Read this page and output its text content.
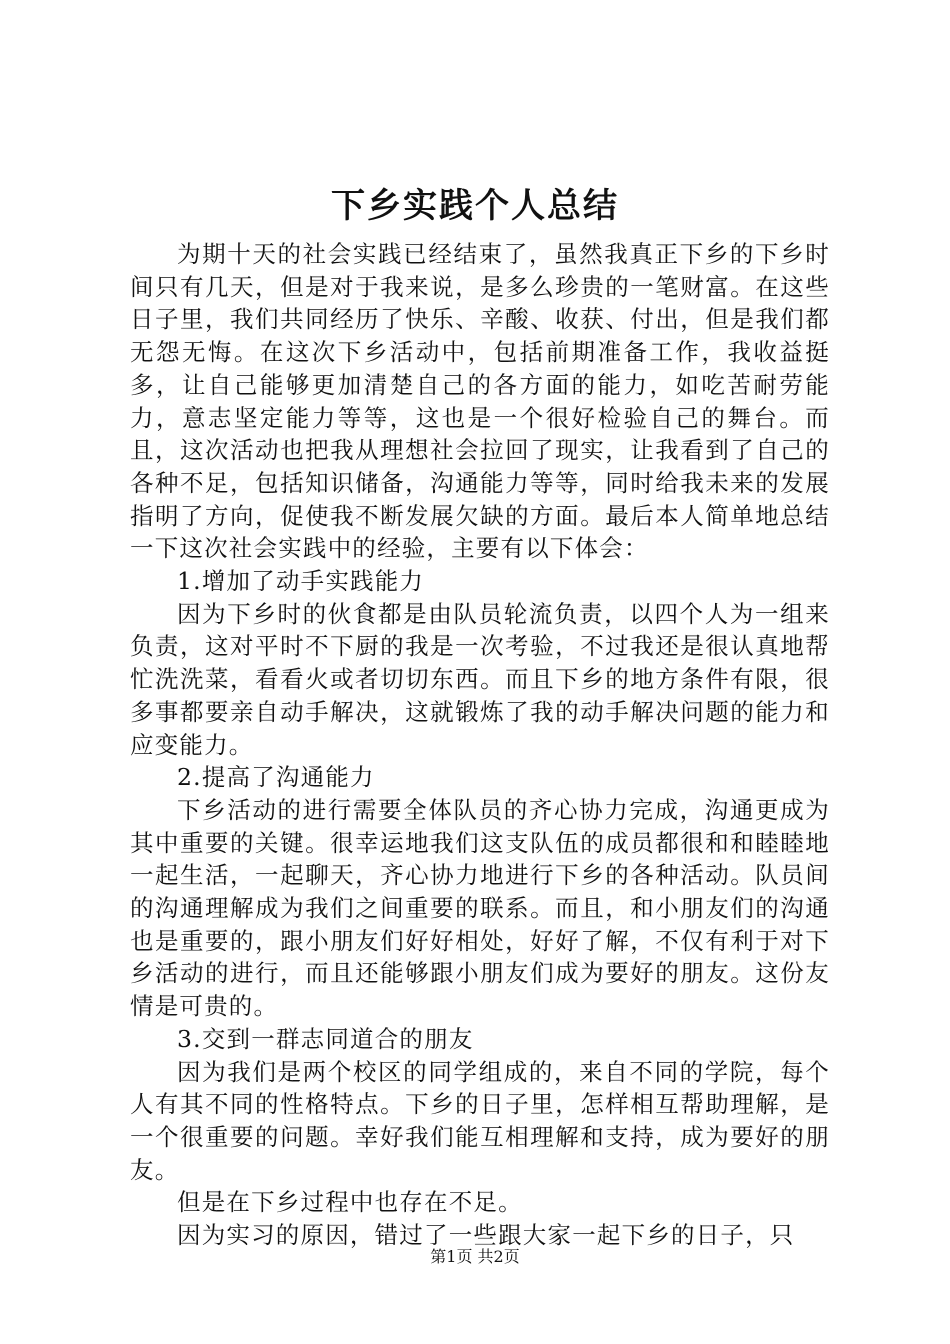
下乡实践个人总结

为期十天的社会实践已经结束了，虽然我真正下乡的下乡时间只有几天，但是对于我来说，是多么珍贵的一笔财富。在这些日子里，我们共同经历了快乐、辛酸、收获、付出，但是我们都无怨无悔。在这次下乡活动中，包括前期准备工作，我收益挺多，让自己能够更加清楚自己的各方面的能力，如吃苦耐劳能力，意志坚定能力等等，这也是一个很好检验自己的舞台。而且，这次活动也把我从理想社会拉回了现实，让我看到了自己的各种不足，包括知识储备，沟通能力等等，同时给我未来的发展指明了方向，促使我不断发展欠缺的方面。最后本人简单地总结一下这次社会实践中的经验，主要有以下体会：

1.增加了动手实践能力

因为下乡时的伙食都是由队员轮流负责，以四个人为一组来负责，这对平时不下厨的我是一次考验，不过我还是很认真地帮忙洗洗菜，看看火或者切切东西。而且下乡的地方条件有限，很多事都要亲自动手解决，这就锻炼了我的动手解决问题的能力和应变能力。

2.提高了沟通能力

下乡活动的进行需要全体队员的齐心协力完成，沟通更成为其中重要的关键。很幸运地我们这支队伍的成员都很和和睦睦地一起生活，一起聊天，齐心协力地进行下乡的各种活动。队员间的沟通理解成为我们之间重要的联系。而且，和小朋友们的沟通也是重要的，跟小朋友们好好相处，好好了解，不仅有利于对下乡活动的进行，而且还能够跟小朋友们成为要好的朋友。这份友情是可贵的。

3.交到一群志同道合的朋友

因为我们是两个校区的同学组成的，来自不同的学院，每个人有其不同的性格特点。下乡的日子里，怎样相互帮助理解，是一个很重要的问题。幸好我们能互相理解和支持，成为要好的朋友。

但是在下乡过程中也存在不足。

因为实习的原因，错过了一些跟大家一起下乡的日子，只

第1页 共2页
